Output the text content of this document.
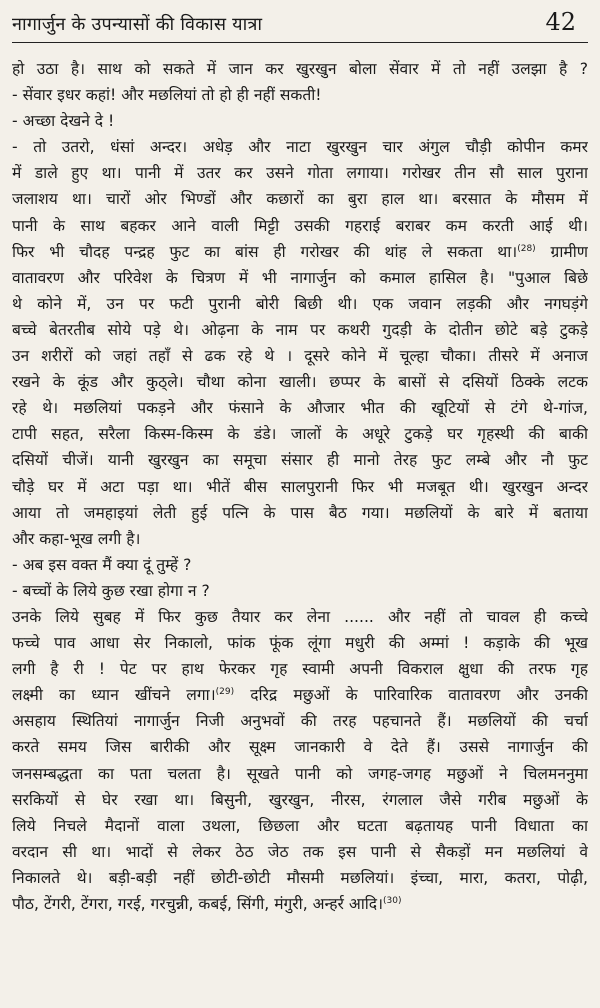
नागार्जुन के उपन्यासों की विकास यात्रा	42
हो उठा है। साथ को सकते में जान कर खुरखुन बोला सेंवार में तो नहीं उलझा है ?
- सेंवार इधर कहां! और मछलियां तो हो ही नहीं सकती!
- अच्छा देखने दे !
- तो उतरो, धंसां अन्दर। अधेड़ और नाटा खुरखुन चार अंगुल चौड़ी कोपीन कमर
में डाले हुए था। पानी में उतर कर उसने गोता लगाया। गरोखर तीन सौ साल पुराना
जलाशय था। चारों ओर भिण्डों और कछारों का बुरा हाल था। बरसात के मौसम में
पानी के साथ बहकर आने वाली मिट्टी उसकी गहराई बराबर कम करती आई थी।
फिर भी चौदह पन्द्रह फुट का बांस ही गरोखर की थांह ले सकता था।$^{(28)}$ ग्रामीण
वातावरण और परिवेश के चित्रण में भी नागार्जुन को कमाल हासिल है। "पुआल बिछे
थे कोने में, उन पर फटी पुरानी बोरी बिछी थी। एक जवान लड़की और नगघड़ंगे
बच्चे बेतरतीब सोये पड़े थे। ओढ़ना के नाम पर कथरी गुदड़ी के दोतीन छोटे बड़े टुकड़े
उन शरीरों को जहां तहाँ से ढक रहे थे । दूसरे कोने में चूल्हा चौका। तीसरे में अनाज
रखने के कूंड और कुठ्ले। चौथा कोना खाली। छप्पर के बासों से दसियों ठिक्के लटक
रहे थे। मछलियां पकड़ने और फंसाने के औजार भीत की खूटियों से टंगे थे-गांज,
टापी सहत, सरैला किस्म-किस्म के डंडे। जालों के अधूरे टुकड़े घर गृहस्थी की बाकी
दसियों चीजें। यानी खुरखुन का समूचा संसार ही मानो तेरह फुट लम्बे और नौ फुट
चौड़े घर में अटा पड़ा था। भीतें बीस सालपुरानी फिर भी मजबूत थी। खुरखुन अन्दर
आया तो जमहाइयां लेती हुई पत्नि के पास बैठ गया। मछलियों के बारे में बताया
और कहा-भूख लगी है।
- अब इस वक्त मैं क्या दूं तुम्हें ?
- बच्चों के लिये कुछ रखा होगा न ?
उनके लिये सुबह में फिर कुछ तैयार कर लेना ...... और नहीं तो चावल ही कच्चे
फच्चे पाव आधा सेर निकालो, फांक फूंक लूंगा मधुरी की अम्मां ! कड़ाके की भूख
लगी है री ! पेट पर हाथ फेरकर गृह स्वामी अपनी विकराल क्षुधा की तरफ गृह
लक्ष्मी का ध्यान खींचने लगा।$^{(29)}$ दरिद्र मछुओं के पारिवारिक वातावरण और उनकी
असहाय स्थितियां नागार्जुन निजी अनुभवों की तरह पहचानते हैं। मछलियों की चर्चा
करते समय जिस बारीकी और सूक्ष्म जानकारी वे देते हैं। उससे नागार्जुन की
जनसम्बद्धता का पता चलता है। सूखते पानी को जगह-जगह मछुओं ने चिलमननुमा
सरकियों से घेर रखा था। बिसुनी, खुरखुन, नीरस, रंगलाल जैसे गरीब मछुओं के
लिये निचले मैदानों वाला उथला, छिछला और घटता बढ़तायह पानी विधाता का
वरदान सी था। भादों से लेकर ठेठ जेठ तक इस पानी से सैकड़ों मन मछलियां वे
निकालते थे। बड़ी-बड़ी नहीं छोटी-छोटी मौसमी मछलियां। इंच्चा, मारा, कतरा, पोढ़ी,
पौठ, टेंगरी, टेंगरा, गरई, गरचुन्नी, कबई, सिंगी, मंगुरी, अन्हर्र आदि।$^{(30)}$
